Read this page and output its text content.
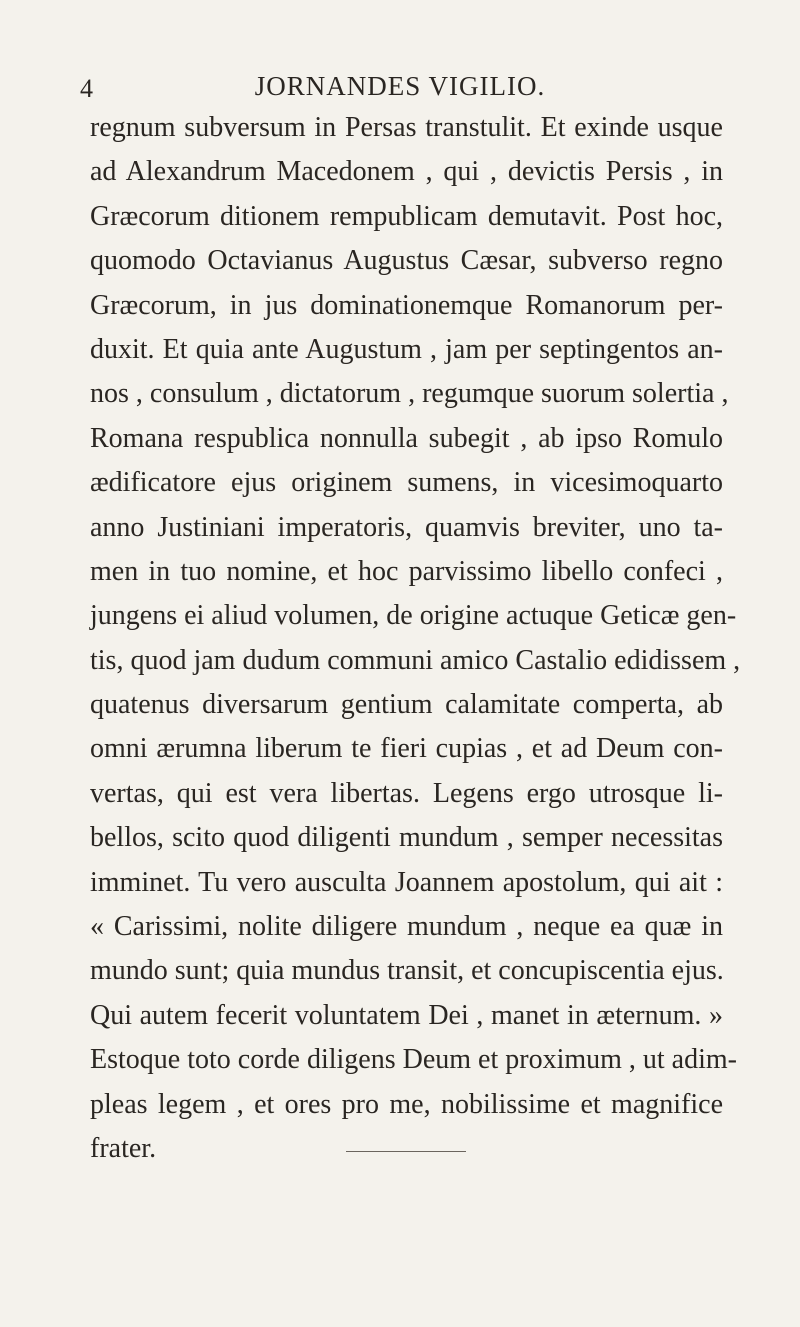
4	JORNANDES VIGILIO.
regnum subversum in Persas transtulit. Et exinde usque
ad Alexandrum Macedonem , qui , devictis Persis , in
Græcorum ditionem rempublicam demutavit. Post hoc,
quomodo Octavianus Augustus Cæsar, subverso regno
Græcorum, in jus dominationemque Romanorum per-
duxit. Et quia ante Augustum , jam per septingentos an-
nos , consulum , dictatorum , regumque suorum solertia ,
Romana respublica nonnulla subegit , ab ipso Romulo
ædificatore ejus originem sumens, in vicesimoquarto
anno Justiniani imperatoris, quamvis breviter, uno ta-
men in tuo nomine, et hoc parvissimo libello confeci ,
jungens ei aliud volumen, de origine actuque Geticæ gen-
tis, quod jam dudum communi amico Castalio edidissem ,
quatenus diversarum gentium calamitate comperta, ab
omni ærumna liberum te fieri cupias , et ad Deum con-
vertas, qui est vera libertas. Legens ergo utrosque li-
bellos, scito quod diligenti mundum , semper necessitas
imminet. Tu vero ausculta Joannem apostolum, qui ait :
« Carissimi, nolite diligere mundum , neque ea quæ in
mundo sunt; quia mundus transit, et concupiscentia ejus.
Qui autem fecerit voluntatem Dei , manet in æternum. »
Estoque toto corde diligens Deum et proximum , ut adim-
pleas legem , et ores pro me, nobilissime et magnifice
frater.
